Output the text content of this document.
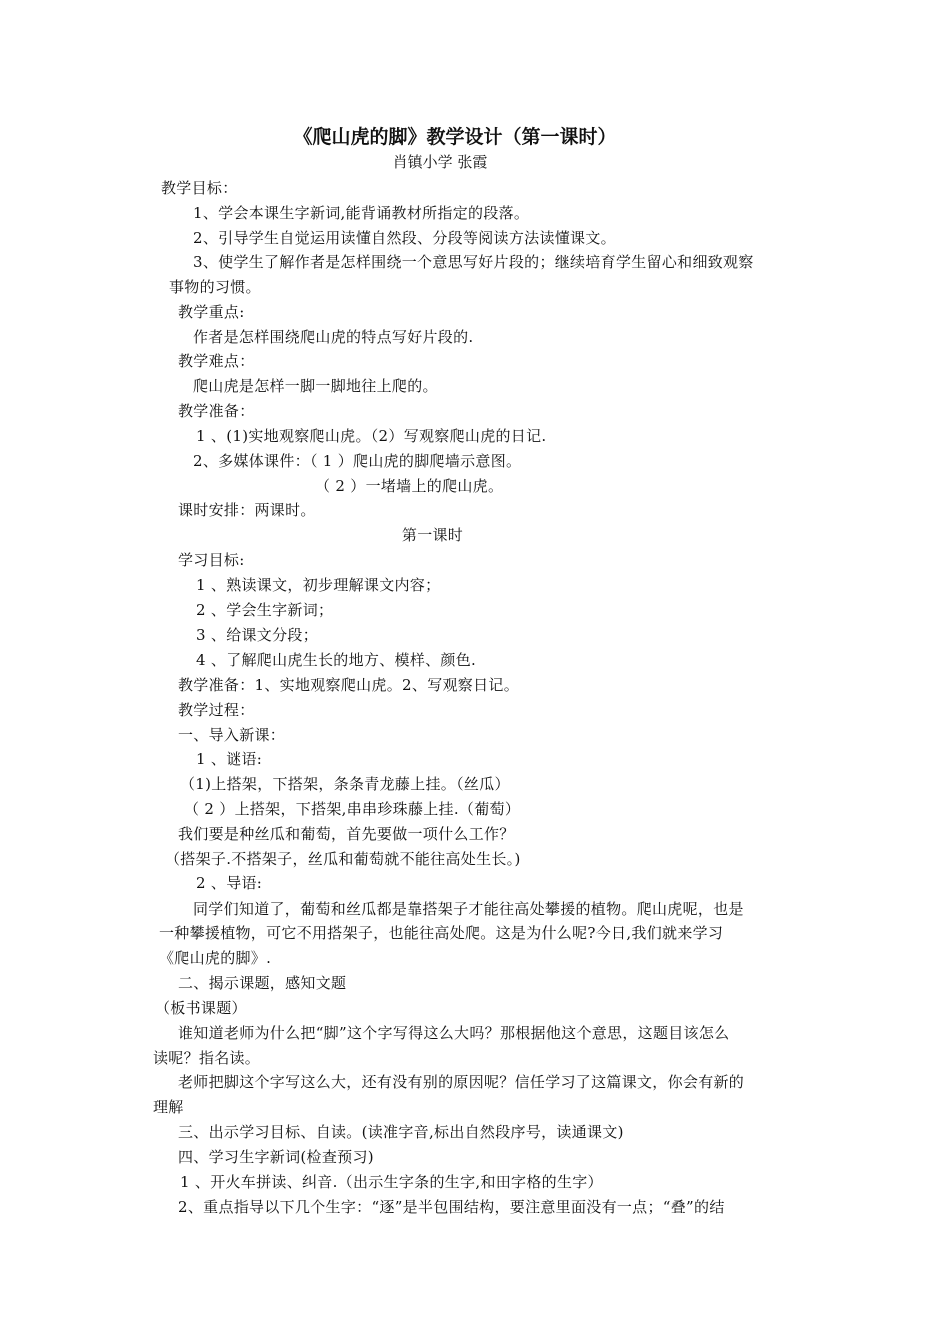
《爬山虎的脚》教学设计（第一课时）

肖镇小学 张霞

教学目标：

1、学会本课生字新词,能背诵教材所指定的段落。

2、引导学生自觉运用读懂自然段、分段等阅读方法读懂课文。

3、使学生了解作者是怎样围绕一个意思写好片段的；继续培育学生留心和细致观察

事物的习惯。

教学重点:

作者是怎样围绕爬山虎的特点写好片段的.

教学难点：

爬山虎是怎样一脚一脚地往上爬的。

教学准备：

1 、(1)实地观察爬山虎。（2）写观察爬山虎的日记.

2、多媒体课件：（ 1 ）爬山虎的脚爬墙示意图。

（ 2 ）一堵墙上的爬山虎。

课时安排：两课时。

第一课时

学习目标:

1 、熟读课文，初步理解课文内容；

2 、学会生字新词；

3 、给课文分段；

4 、了解爬山虎生长的地方、模样、颜色.

教学准备：1、实地观察爬山虎。2、写观察日记。

教学过程：

一、导入新课：

1 、谜语:

（1)上搭架，下搭架，条条青龙藤上挂。（丝瓜）

（ 2 ）上搭架，下搭架,串串珍珠藤上挂.（葡萄）

我们要是种丝瓜和葡萄，首先要做一项什么工作？

（搭架子.不搭架子，丝瓜和葡萄就不能往高处生长。)

2 、导语:

同学们知道了，葡萄和丝瓜都是靠搭架子才能往高处攀援的植物。爬山虎呢，也是

一种攀援植物，可它不用搭架子，也能往高处爬。这是为什么呢?今日,我们就来学习

《爬山虎的脚》.

二、揭示课题，感知文题

（板书课题）

谁知道老师为什么把“脚”这个字写得这么大吗？那根据他这个意思，这题目该怎么

读呢？指名读。

老师把脚这个字写这么大，还有没有别的原因呢？信任学习了这篇课文，你会有新的

理解

三、出示学习目标、自读。(读准字音,标出自然段序号，读通课文)

四、学习生字新词(检查预习)

1 、开火车拼读、纠音.（出示生字条的生字,和田字格的生字）

2、重点指导以下几个生字：“逐”是半包围结构，要注意里面没有一点；“叠”的结
